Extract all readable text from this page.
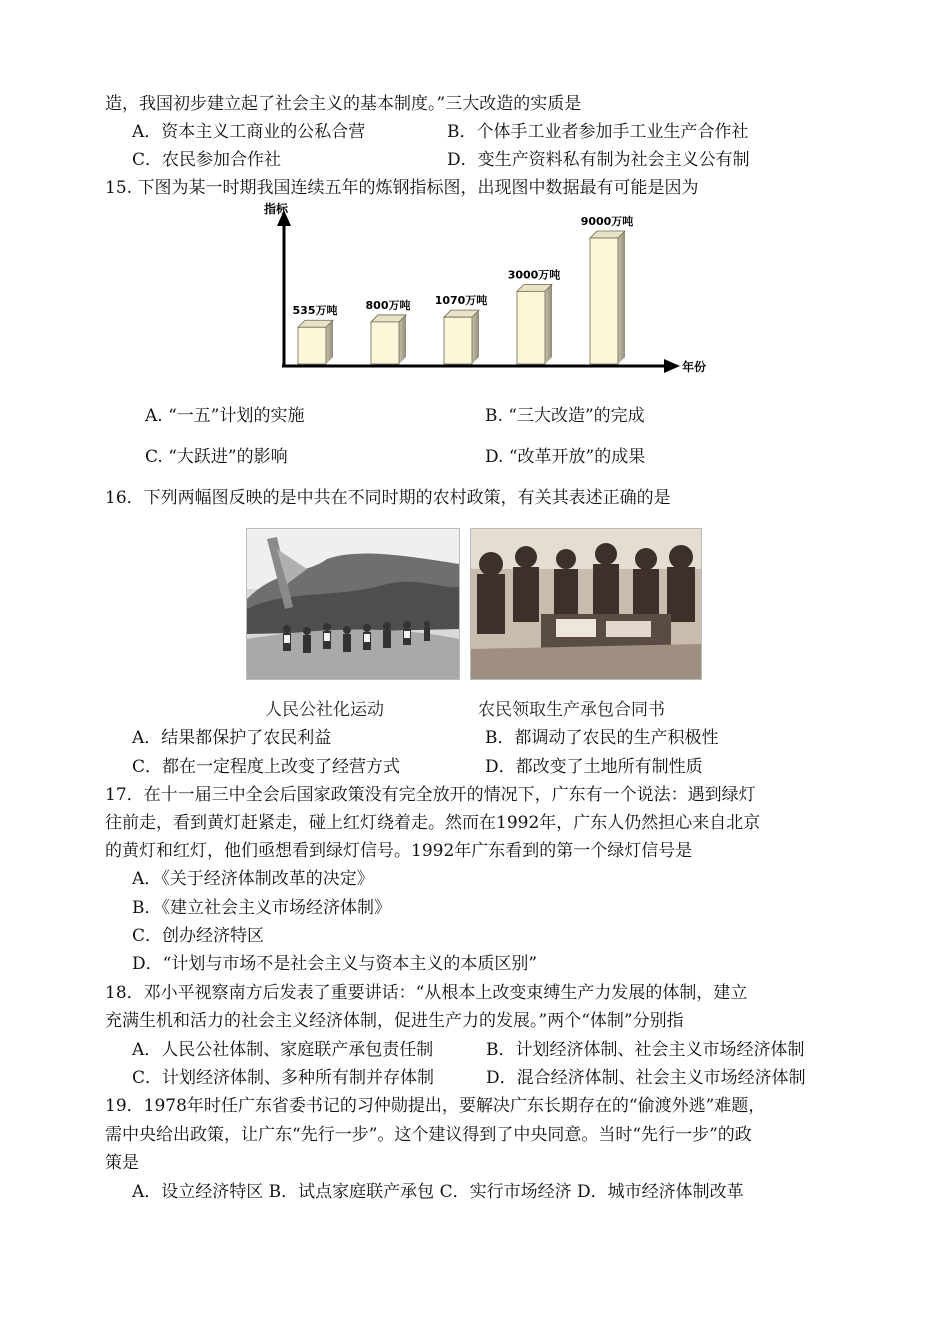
造，我国初步建立起了社会主义的基本制度。”三大改造的实质是
A．资本主义工商业的公私合营	B．个体手工业者参加手工业生产合作社
C．农民参加合作社	D．变生产资料私有制为社会主义公有制
15. 下图为某一时期我国连续五年的炼钢指标图，出现图中数据最有可能是因为
指标
年份
535万吨	800万吨 1070万吨
3000万吨
9000万吨
A. “一五”计划的实施	B. “三大改造”的完成
C. “大跃进”的影响	D. “改革开放”的成果
16．下列两幅图反映的是中共在不同时期的农村政策，有关其表述正确的是
人民公社化运动	农民领取生产承包合同书
A．结果都保护了农民利益	B．都调动了农民的生产积极性
C．都在一定程度上改变了经营方式	D．都改变了土地所有制性质
17．在十一届三中全会后国家政策没有完全放开的情况下，广东有一个说法：遇到绿灯
往前走，看到黄灯赶紧走，碰上红灯绕着走。然而在1992年，广东人仍然担心来自北京
的黄灯和红灯，他们亟想看到绿灯信号。1992年广东看到的第一个绿灯信号是
A．《关于经济体制改革的决定》
B．《建立社会主义市场经济体制》
C．创办经济特区
D．“计划与市场不是社会主义与资本主义的本质区别”
18．邓小平视察南方后发表了重要讲话：“从根本上改变束缚生产力发展的体制，建立
充满生机和活力的社会主义经济体制，促进生产力的发展。”两个“体制”分别指
A．人民公社体制、家庭联产承包责任制	B．计划经济体制、社会主义市场经济体制
C．计划经济体制、多种所有制并存体制	D．混合经济体制、社会主义市场经济体制
19．1978年时任广东省委书记的习仲勋提出，要解决广东长期存在的“偷渡外逃”难题，
需中央给出政策，让广东“先行一步”。这个建议得到了中央同意。当时“先行一步”的政
策是
A．设立经济特区 B．试点家庭联产承包 C．实行市场经济 D．城市经济体制改革
